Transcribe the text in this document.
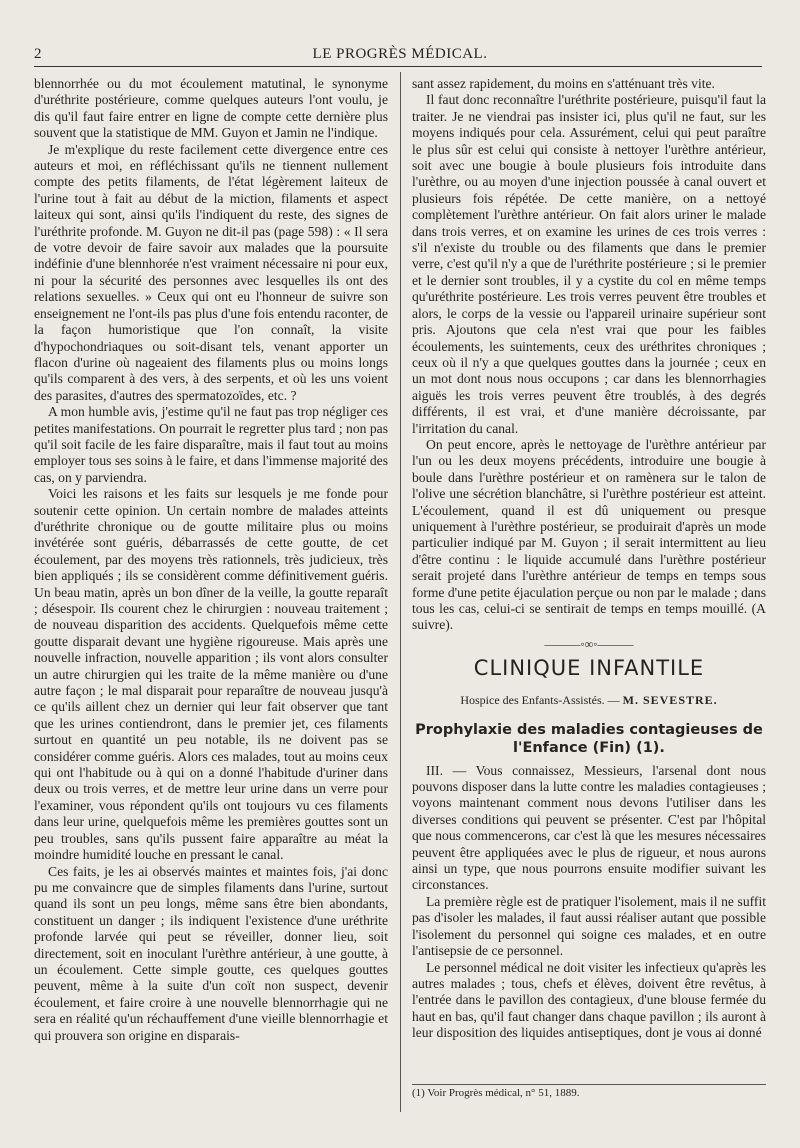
2	LE PROGRÈS MÉDICAL.

blennorrhée ou du mot écoulement matutinal, le synonyme d'uréthrite postérieure, comme quelques auteurs l'ont voulu, je dis qu'il faut faire entrer en ligne de compte cette dernière plus souvent que la statistique de MM. Guyon et Jamin ne l'indique.

Je m'explique du reste facilement cette divergence entre ces auteurs et moi, en réfléchissant qu'ils ne tiennent nullement compte des petits filaments, de l'état légèrement laiteux de l'urine tout à fait au début de la miction, filaments et aspect laiteux qui sont, ainsi qu'ils l'indiquent du reste, des signes de l'uréthrite profonde. M. Guyon ne dit-il pas (page 598) : « Il sera de votre devoir de faire savoir aux malades que la poursuite indéfinie d'une blennhorée n'est vraiment nécessaire ni pour eux, ni pour la sécurité des personnes avec lesquelles ils ont des relations sexuelles. » Ceux qui ont eu l'honneur de suivre son enseignement ne l'ont-ils pas plus d'une fois entendu raconter, de la façon humoristique que l'on connaît, la visite d'hypochondriaques ou soit-disant tels, venant apporter un flacon d'urine où nageaient des filaments plus ou moins longs qu'ils comparent à des vers, à des serpents, et où les uns voient des parasites, d'autres des spermatozoïdes, etc. ?

A mon humble avis, j'estime qu'il ne faut pas trop négliger ces petites manifestations. On pourrait le regretter plus tard ; non pas qu'il soit facile de les faire disparaître, mais il faut tout au moins employer tous ses soins à le faire, et dans l'immense majorité des cas, on y parviendra.

Voici les raisons et les faits sur lesquels je me fonde pour soutenir cette opinion. Un certain nombre de malades atteints d'uréthrite chronique ou de goutte militaire plus ou moins invétérée sont guéris, débarrassés de cette goutte, de cet écoulement, par des moyens très rationnels, très judicieux, très bien appliqués ; ils se considèrent comme définitivement guéris. Un beau matin, après un bon dîner de la veille, la goutte reparaît ; désespoir. Ils courent chez le chirurgien : nouveau traitement ; de nouveau disparition des accidents. Quelquefois même cette goutte disparait devant une hygiène rigoureuse. Mais après une nouvelle infraction, nouvelle apparition ; ils vont alors consulter un autre chirurgien qui les traite de la même manière ou d'une autre façon ; le mal disparait pour reparaître de nouveau jusqu'à ce qu'ils aillent chez un dernier qui leur fait observer que tant que les urines contiendront, dans le premier jet, ces filaments surtout en quantité un peu notable, ils ne doivent pas se considérer comme guéris. Alors ces malades, tout au moins ceux qui ont l'habitude ou à qui on a donné l'habitude d'uriner dans deux ou trois verres, et de mettre leur urine dans un verre pour l'examiner, vous répondent qu'ils ont toujours vu ces filaments dans leur urine, quelquefois même les premières gouttes sont un peu troubles, sans qu'ils pussent faire apparaître au méat la moindre humidité louche en pressant le canal.

Ces faits, je les ai observés maintes et maintes fois, j'ai donc pu me convaincre que de simples filaments dans l'urine, surtout quand ils sont un peu longs, même sans être bien abondants, constituent un danger ; ils indiquent l'existence d'une uréthrite profonde larvée qui peut se réveiller, donner lieu, soit directement, soit en inoculant l'urèthre antérieur, à une goutte, à un écoulement. Cette simple goutte, ces quelques gouttes peuvent, même à la suite d'un coït non suspect, devenir écoulement, et faire croire à une nouvelle blennorrhagie qui ne sera en réalité qu'un réchauffement d'une vieille blennorrhagie et qui prouvera son origine en disparais-

sant assez rapidement, du moins en s'atténuant très vite.

Il faut donc reconnaître l'uréthrite postérieure, puisqu'il faut la traiter. Je ne viendrai pas insister ici, plus qu'il ne faut, sur les moyens indiqués pour cela. Assurément, celui qui peut paraître le plus sûr est celui qui consiste à nettoyer l'urèthre antérieur, soit avec une bougie à boule plusieurs fois introduite dans l'urèthre, ou au moyen d'une injection poussée à canal ouvert et plusieurs fois répétée. De cette manière, on a nettoyé complètement l'urèthre antérieur. On fait alors uriner le malade dans trois verres, et on examine les urines de ces trois verres : s'il n'existe du trouble ou des filaments que dans le premier verre, c'est qu'il n'y a que de l'uréthrite postérieure ; si le premier et le dernier sont troubles, il y a cystite du col en même temps qu'uréthrite postérieure. Les trois verres peuvent être troubles et alors, le corps de la vessie ou l'appareil urinaire supérieur sont pris. Ajoutons que cela n'est vrai que pour les faibles écoulements, les suintements, ceux des uréthrites chroniques ; ceux où il n'y a que quelques gouttes dans la journée ; ceux en un mot dont nous nous occupons ; car dans les blennorrhagies aiguës les trois verres peuvent être troublés, à des degrés différents, il est vrai, et d'une manière décroissante, par l'irritation du canal.

On peut encore, après le nettoyage de l'urèthre antérieur par l'un ou les deux moyens précédents, introduire une bougie à boule dans l'urèthre postérieur et on ramènera sur le talon de l'olive une sécrétion blanchâtre, si l'urèthre postérieur est atteint. L'écoulement, quand il est dû uniquement ou presque uniquement à l'urèthre postérieur, se produirait d'après un mode particulier indiqué par M. Guyon ; il serait intermittent au lieu d'être continu : le liquide accumulé dans l'urèthre postérieur serait projeté dans l'urèthre antérieur de temps en temps sous forme d'une petite éjaculation perçue ou non par le malade ; dans tous les cas, celui-ci se sentirait de temps en temps mouillé. (A suivre).

———◦∞◦———
CLINIQUE INFANTILE
Hospice des Enfants-Assistés. — M. SEVESTRE.
Prophylaxie des maladies contagieuses de l'Enfance (Fin) (1).

III. — Vous connaissez, Messieurs, l'arsenal dont nous pouvons disposer dans la lutte contre les maladies contagieuses ; voyons maintenant comment nous devons l'utiliser dans les diverses conditions qui peuvent se présenter. C'est par l'hôpital que nous commencerons, car c'est là que les mesures nécessaires peuvent être appliquées avec le plus de rigueur, et nous aurons ainsi un type, que nous pourrons ensuite modifier suivant les circonstances.

La première règle est de pratiquer l'isolement, mais il ne suffit pas d'isoler les malades, il faut aussi réaliser autant que possible l'isolement du personnel qui soigne ces malades, et en outre l'antisepsie de ce personnel.

Le personnel médical ne doit visiter les infectieux qu'après les autres malades ; tous, chefs et élèves, doivent être revêtus, à l'entrée dans le pavillon des contagieux, d'une blouse fermée du haut en bas, qu'il faut changer dans chaque pavillon ; ils auront à leur disposition des liquides antiseptiques, dont je vous ai donné

(1) Voir Progrès médical, n° 51, 1889.
